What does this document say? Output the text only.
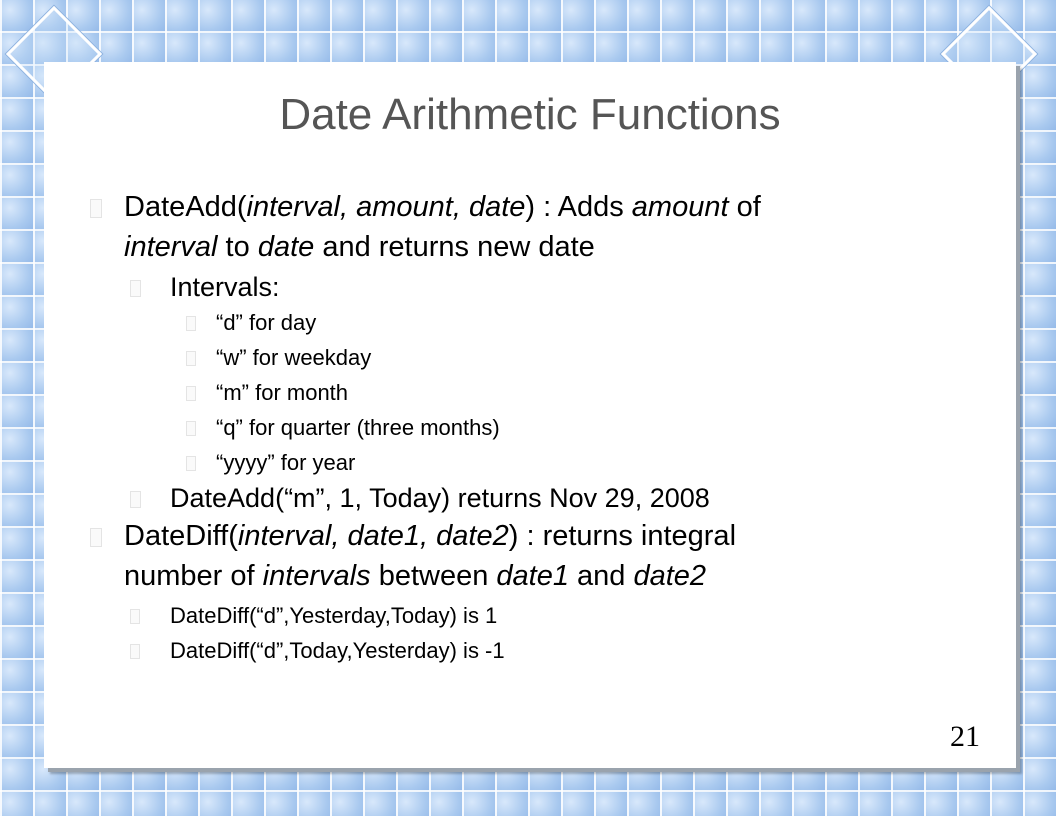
Date Arithmetic Functions
DateAdd(interval, amount, date) : Adds amount of
interval to date and returns new date
Intervals:
“d” for day
“w” for weekday
“m” for month
“q” for quarter (three months)
“yyyy” for year
DateAdd(“m”, 1, Today) returns Nov 29, 2008
DateDiff(interval, date1, date2) : returns integral
number of intervals between date1 and date2
DateDiff(“d”,Yesterday,Today) is 1
DateDiff(“d”,Today,Yesterday) is -1
21
